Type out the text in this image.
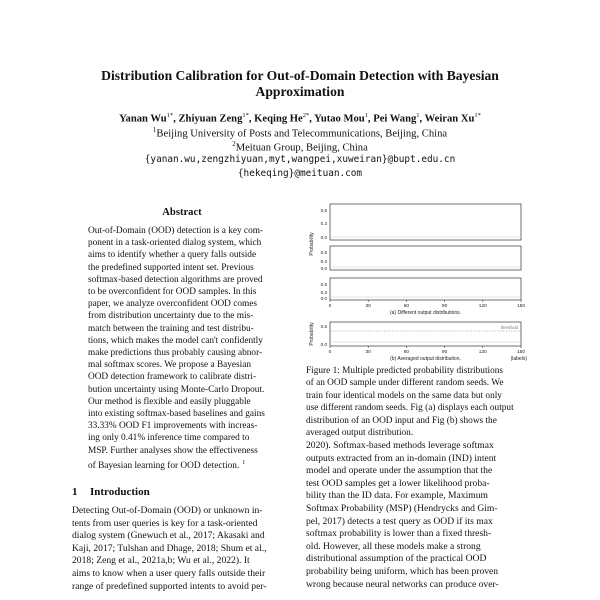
Distribution Calibration for Out-of-Domain Detection with Bayesian
Approximation
Yanan $Wu^{1*}$, Zhiyuan Zeng$^{1*}$, Keqing $He^{2*}$, Yutao Mou$^1$, Pei Wang$^1$, Weiran $Xu^{1*}$
$^1$Beijing University of Posts and Telecommunications, Beijing, China
$^2$Meituan Group, Beijing, China
{yanan.wu,zengzhiyuan,myt,wangpei,xuweiran}@bupt.edu.cn
{hekeqing}@meituan.com
Abstract
Out-of-Domain (OOD) detection is a key com-
ponent in a task-oriented dialog system, which
aims to identify whether a query falls outside
the predefined supported intent set. Previous
softmax-based detection algorithms are proved
to be overconfident for OOD samples. In this
paper, we analyze overconfident OOD comes
from distribution uncertainty due to the mis-
match between the training and test distribu-
tions, which makes the model can't confidently
make predictions thus probably causing abnor-
mal softmax scores. We propose a Bayesian
OOD detection framework to calibrate distri-
bution uncertainty using Monte-Carlo Dropout.
Our method is flexible and easily pluggable
into existing softmax-based baselines and gains
33.33% OOD F1 improvements with increas-
ing only 0.41% inference time compared to
MSP. Further analyses show the effectiveness
of Bayesian learning for OOD detection. $^1$
1 Introduction
Detecting Out-of-Domain (OOD) or unknown in-
tents from user queries is key for a task-oriented
dialog system (Gnewuch et al., 2017; Akasaki and
Kaji, 2017; Tulshan and Dhage, 2018; Shum et al.,
2018; Zeng et al., 2021a,b; Wu et al., 2022). It
aims to know when a user query falls outside their
range of predefined supported intents to avoid per-
0.5
0.3
0.0
0.5
0.3
0.0
0.5
0.3
0.0
Probability
0	30	60	90	120	150
(a) Different output distributions.
threshold
0.5
0.0
Probability
0	30	60	90	120	150
(b) Averaged output distribution.	(labels)
Figure 1: Multiple predicted probability distributions
of an OOD sample under different random seeds. We
train four identical models on the same data but only
use different random seeds. Fig (a) displays each output
distribution of an OOD input and Fig (b) shows the
averaged output distribution.
2020). Softmax-based methods leverage softmax
outputs extracted from an in-domain (IND) intent
model and operate under the assumption that the
test OOD samples get a lower likelihood proba-
bility than the ID data. For example, Maximum
Softmax Probability (MSP) (Hendrycks and Gim-
pel, 2017) detects a test query as OOD if its max
softmax probability is lower than a fixed thresh-
old. However, all these models make a strong
distributional assumption of the practical OOD
probability being uniform, which has been proven
wrong because neural networks can produce over-
